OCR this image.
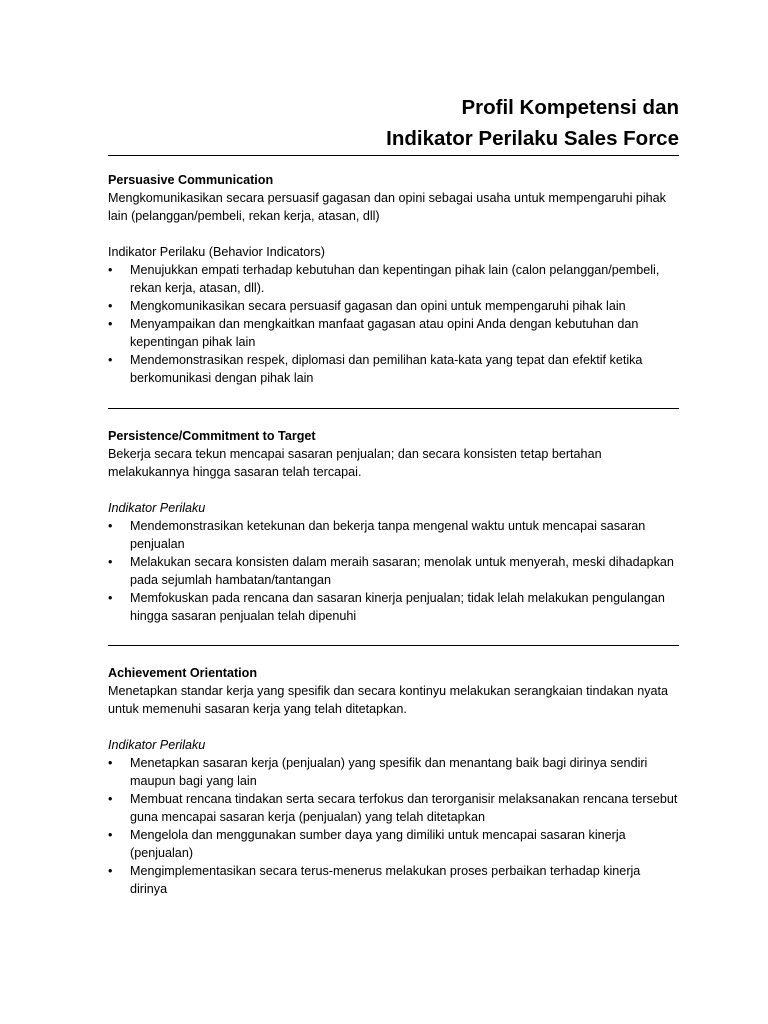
Profil Kompetensi dan
Indikator Perilaku Sales Force
Persuasive Communication
Mengkomunikasikan secara persuasif gagasan dan opini sebagai usaha untuk mempengaruhi pihak lain (pelanggan/pembeli, rekan kerja, atasan, dll)
Indikator Perilaku (Behavior Indicators)
• Menujukkan empati terhadap kebutuhan dan kepentingan pihak lain (calon pelanggan/pembeli, rekan kerja, atasan, dll).
• Mengkomunikasikan secara persuasif gagasan dan opini untuk mempengaruhi pihak lain
• Menyampaikan dan mengkaitkan manfaat gagasan atau opini Anda dengan kebutuhan dan kepentingan pihak lain
• Mendemonstrasikan respek, diplomasi dan pemilihan kata-kata yang tepat dan efektif ketika berkomunikasi dengan pihak lain
Persistence/Commitment to Target
Bekerja secara tekun mencapai sasaran penjualan; dan secara konsisten tetap bertahan melakukannya hingga sasaran telah tercapai.
Indikator Perilaku
• Mendemonstrasikan ketekunan dan bekerja tanpa mengenal waktu untuk mencapai sasaran penjualan
• Melakukan secara konsisten dalam meraih sasaran; menolak untuk menyerah, meski dihadapkan pada sejumlah hambatan/tantangan
• Memfokuskan pada rencana dan sasaran kinerja penjualan; tidak lelah melakukan pengulangan hingga sasaran penjualan telah dipenuhi
Achievement Orientation
Menetapkan standar kerja yang spesifik dan secara kontinyu melakukan serangkaian tindakan nyata untuk memenuhi sasaran kerja yang telah ditetapkan.
Indikator Perilaku
• Menetapkan sasaran kerja (penjualan) yang spesifik dan menantang baik bagi dirinya sendiri maupun bagi yang lain
• Membuat rencana tindakan serta secara terfokus dan terorganisir melaksanakan rencana tersebut guna mencapai sasaran kerja (penjualan) yang telah ditetapkan
• Mengelola dan menggunakan sumber daya yang dimiliki untuk mencapai sasaran kinerja (penjualan)
• Mengimplementasikan secara terus-menerus melakukan proses perbaikan terhadap kinerja dirinya
